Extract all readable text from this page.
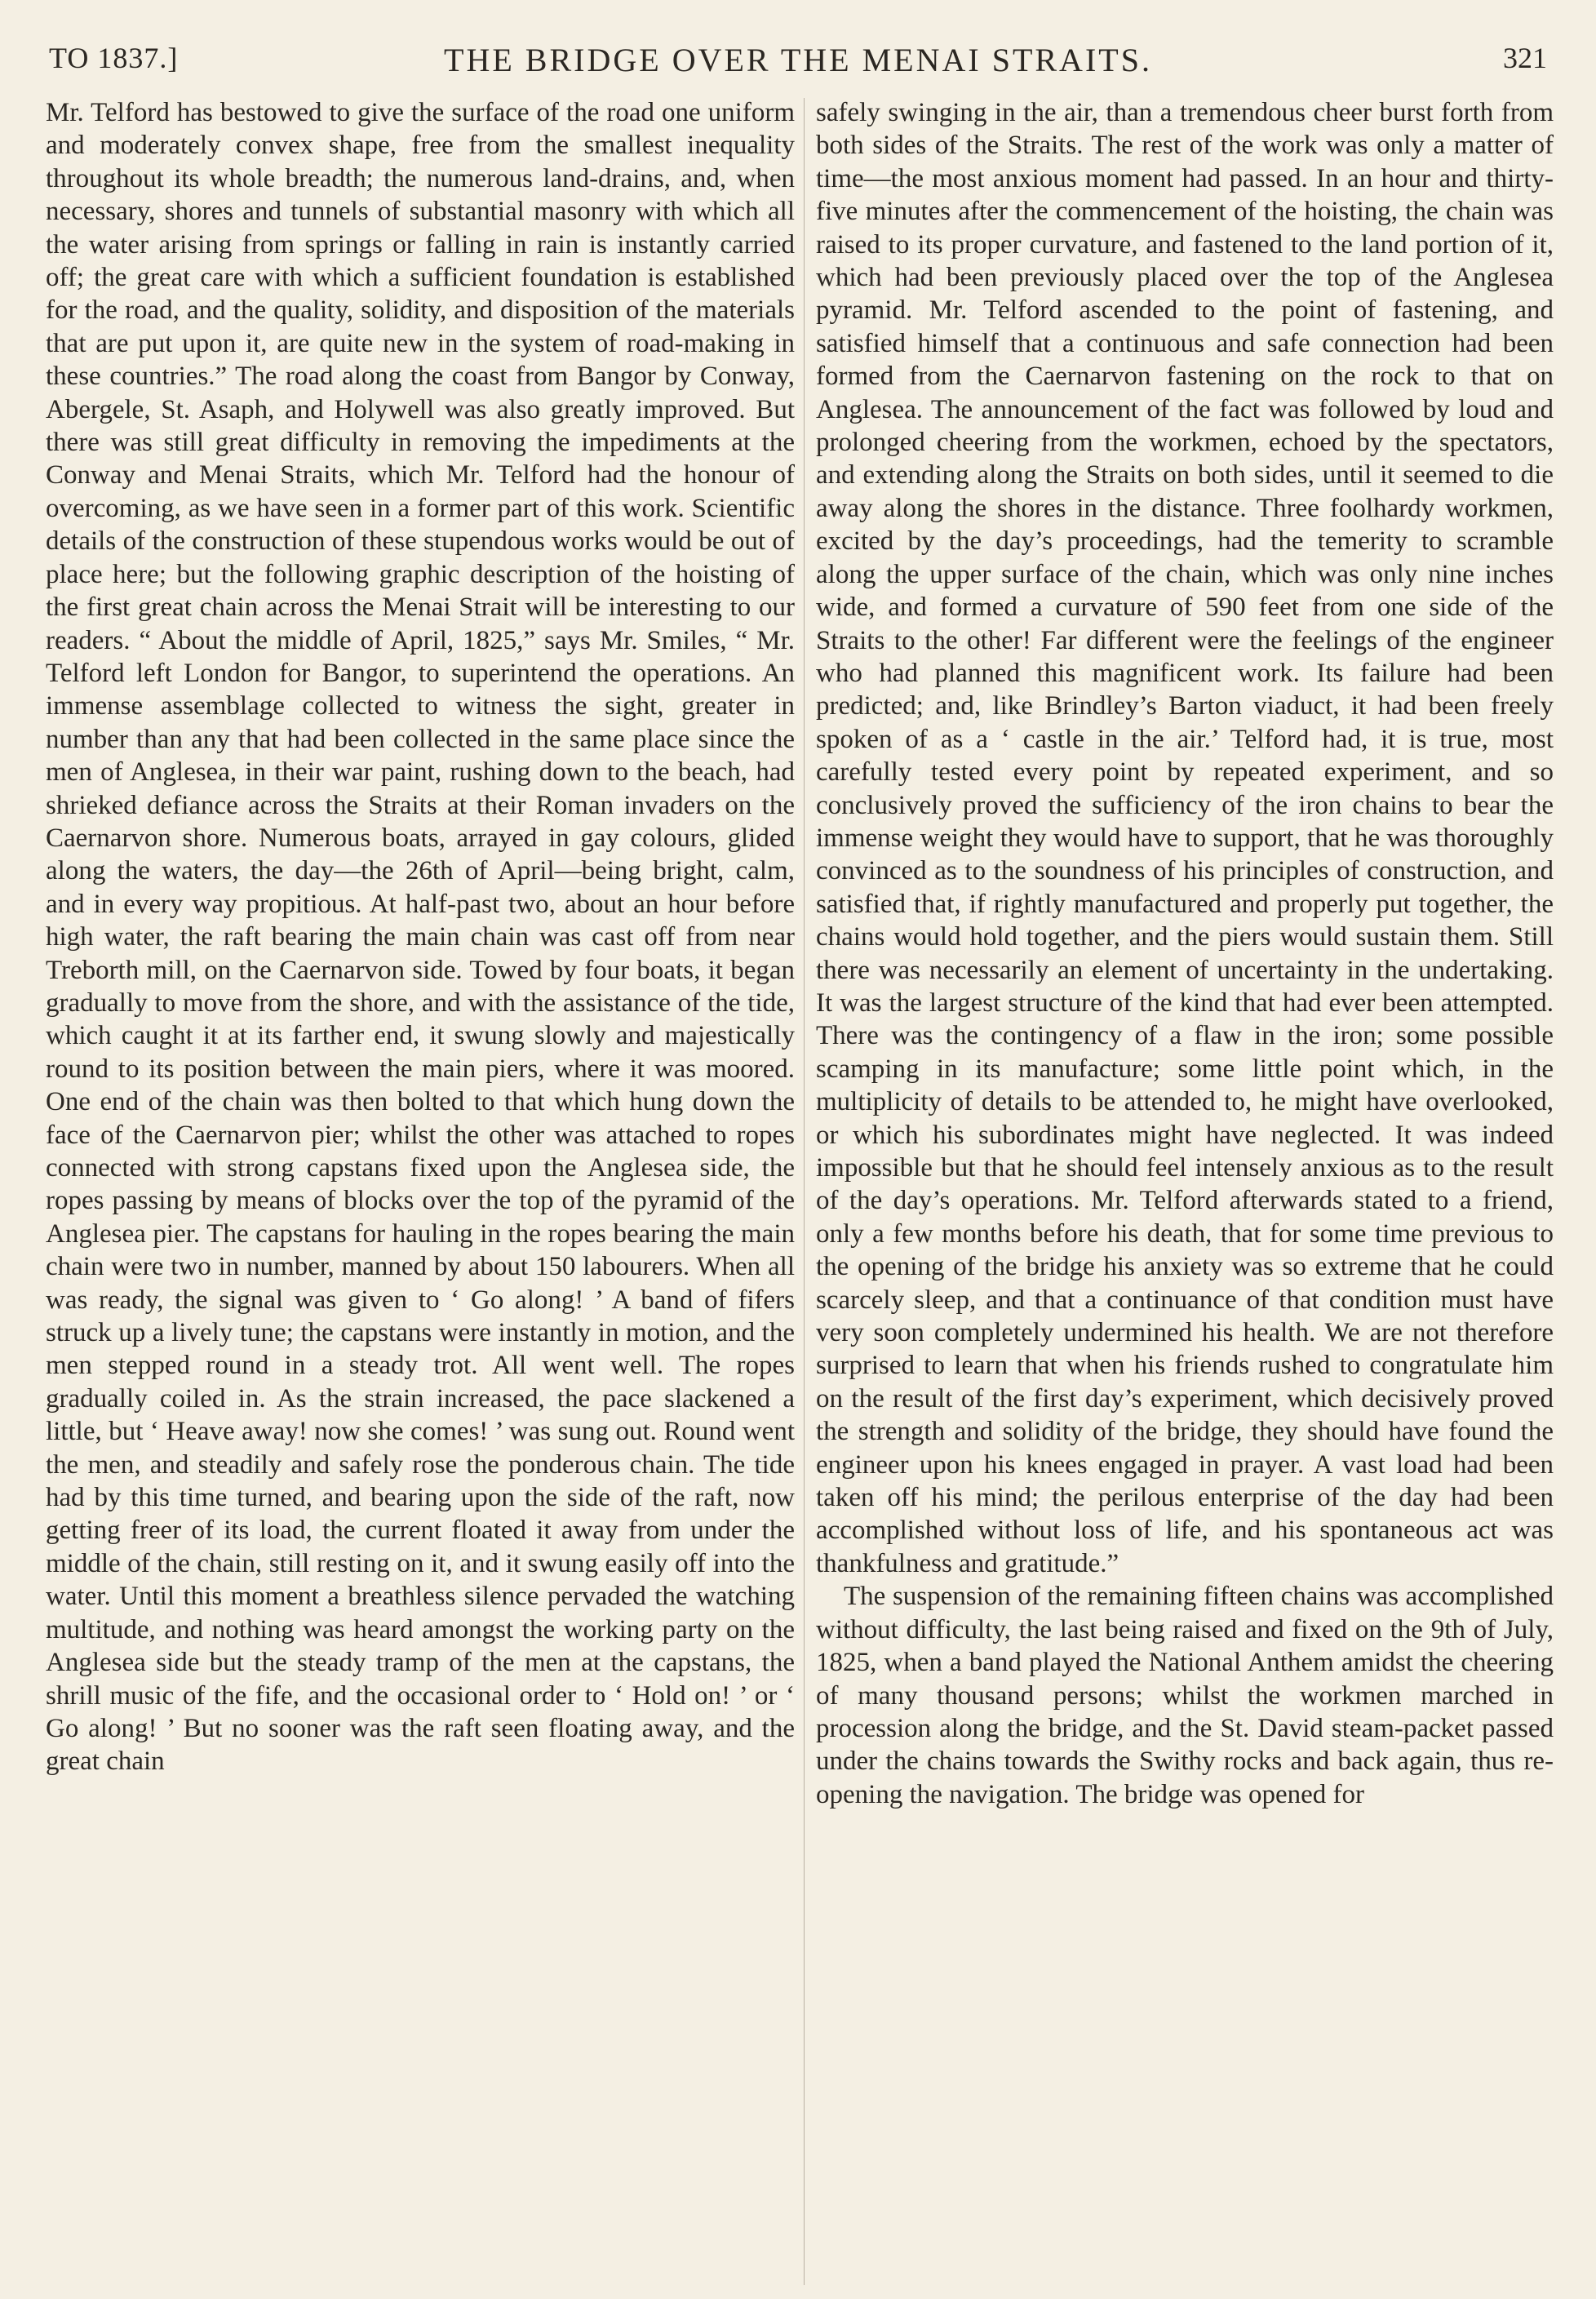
TO 1837.]	THE BRIDGE OVER THE MENAI STRAITS.	321
Mr. Telford has bestowed to give the surface of the road one uniform and moderately convex shape, free from the smallest inequality throughout its whole breadth; the numerous land-drains, and, when necessary, shores and tunnels of substantial masonry with which all the water arising from springs or falling in rain is instantly carried off; the great care with which a sufficient foundation is established for the road, and the quality, solidity, and disposition of the materials that are put upon it, are quite new in the system of road-making in these countries.” The road along the coast from Bangor by Conway, Abergele, St. Asaph, and Holywell was also greatly improved. But there was still great difficulty in removing the impediments at the Conway and Menai Straits, which Mr. Telford had the honour of overcoming, as we have seen in a former part of this work. Scientific details of the construction of these stupendous works would be out of place here; but the following graphic description of the hoisting of the first great chain across the Menai Strait will be interesting to our readers. “ About the middle of April, 1825,” says Mr. Smiles, “ Mr. Telford left London for Bangor, to superintend the operations. An immense assemblage collected to witness the sight, greater in number than any that had been collected in the same place since the men of Anglesea, in their war paint, rushing down to the beach, had shrieked defiance across the Straits at their Roman invaders on the Caernarvon shore. Numerous boats, arrayed in gay colours, glided along the waters, the day—the 26th of April—being bright, calm, and in every way propitious. At half-past two, about an hour before high water, the raft bearing the main chain was cast off from near Treborth mill, on the Caernarvon side. Towed by four boats, it began gradually to move from the shore, and with the assistance of the tide, which caught it at its farther end, it swung slowly and majestically round to its position between the main piers, where it was moored. One end of the chain was then bolted to that which hung down the face of the Caernarvon pier; whilst the other was attached to ropes connected with strong capstans fixed upon the Anglesea side, the ropes passing by means of blocks over the top of the pyramid of the Anglesea pier. The capstans for hauling in the ropes bearing the main chain were two in number, manned by about 150 labourers. When all was ready, the signal was given to ‘ Go along! ’ A band of fifers struck up a lively tune; the capstans were instantly in motion, and the men stepped round in a steady trot. All went well. The ropes gradually coiled in. As the strain increased, the pace slackened a little, but ‘ Heave away! now she comes! ’ was sung out. Round went the men, and steadily and safely rose the ponderous chain. The tide had by this time turned, and bearing upon the side of the raft, now getting freer of its load, the current floated it away from under the middle of the chain, still resting on it, and it swung easily off into the water. Until this moment a breathless silence pervaded the watching multitude, and nothing was heard amongst the working party on the Anglesea side but the steady tramp of the men at the capstans, the shrill music of the fife, and the occasional order to ‘ Hold on! ’ or ‘ Go along! ’ But no sooner was the raft seen floating away, and the great chain
safely swinging in the air, than a tremendous cheer burst forth from both sides of the Straits. The rest of the work was only a matter of time—the most anxious moment had passed. In an hour and thirty-five minutes after the commencement of the hoisting, the chain was raised to its proper curvature, and fastened to the land portion of it, which had been previously placed over the top of the Anglesea pyramid. Mr. Telford ascended to the point of fastening, and satisfied himself that a continuous and safe connection had been formed from the Caernarvon fastening on the rock to that on Anglesea. The announcement of the fact was followed by loud and prolonged cheering from the workmen, echoed by the spectators, and extending along the Straits on both sides, until it seemed to die away along the shores in the distance. Three foolhardy workmen, excited by the day’s proceedings, had the temerity to scramble along the upper surface of the chain, which was only nine inches wide, and formed a curvature of 590 feet from one side of the Straits to the other! Far different were the feelings of the engineer who had planned this magnificent work. Its failure had been predicted; and, like Brindley’s Barton viaduct, it had been freely spoken of as a ‘ castle in the air.’ Telford had, it is true, most carefully tested every point by repeated experiment, and so conclusively proved the sufficiency of the iron chains to bear the immense weight they would have to support, that he was thoroughly convinced as to the soundness of his principles of construction, and satisfied that, if rightly manufactured and properly put together, the chains would hold together, and the piers would sustain them. Still there was necessarily an element of uncertainty in the undertaking. It was the largest structure of the kind that had ever been attempted. There was the contingency of a flaw in the iron; some possible scamping in its manufacture; some little point which, in the multiplicity of details to be attended to, he might have overlooked, or which his subordinates might have neglected. It was indeed impossible but that he should feel intensely anxious as to the result of the day’s operations. Mr. Telford afterwards stated to a friend, only a few months before his death, that for some time previous to the opening of the bridge his anxiety was so extreme that he could scarcely sleep, and that a continuance of that condition must have very soon completely undermined his health. We are not therefore surprised to learn that when his friends rushed to congratulate him on the result of the first day’s experiment, which decisively proved the strength and solidity of the bridge, they should have found the engineer upon his knees engaged in prayer. A vast load had been taken off his mind; the perilous enterprise of the day had been accomplished without loss of life, and his spontaneous act was thankfulness and gratitude.”
The suspension of the remaining fifteen chains was accomplished without difficulty, the last being raised and fixed on the 9th of July, 1825, when a band played the National Anthem amidst the cheering of many thousand persons; whilst the workmen marched in procession along the bridge, and the St. David steam-packet passed under the chains towards the Swithy rocks and back again, thus re-opening the navigation. The bridge was opened for
